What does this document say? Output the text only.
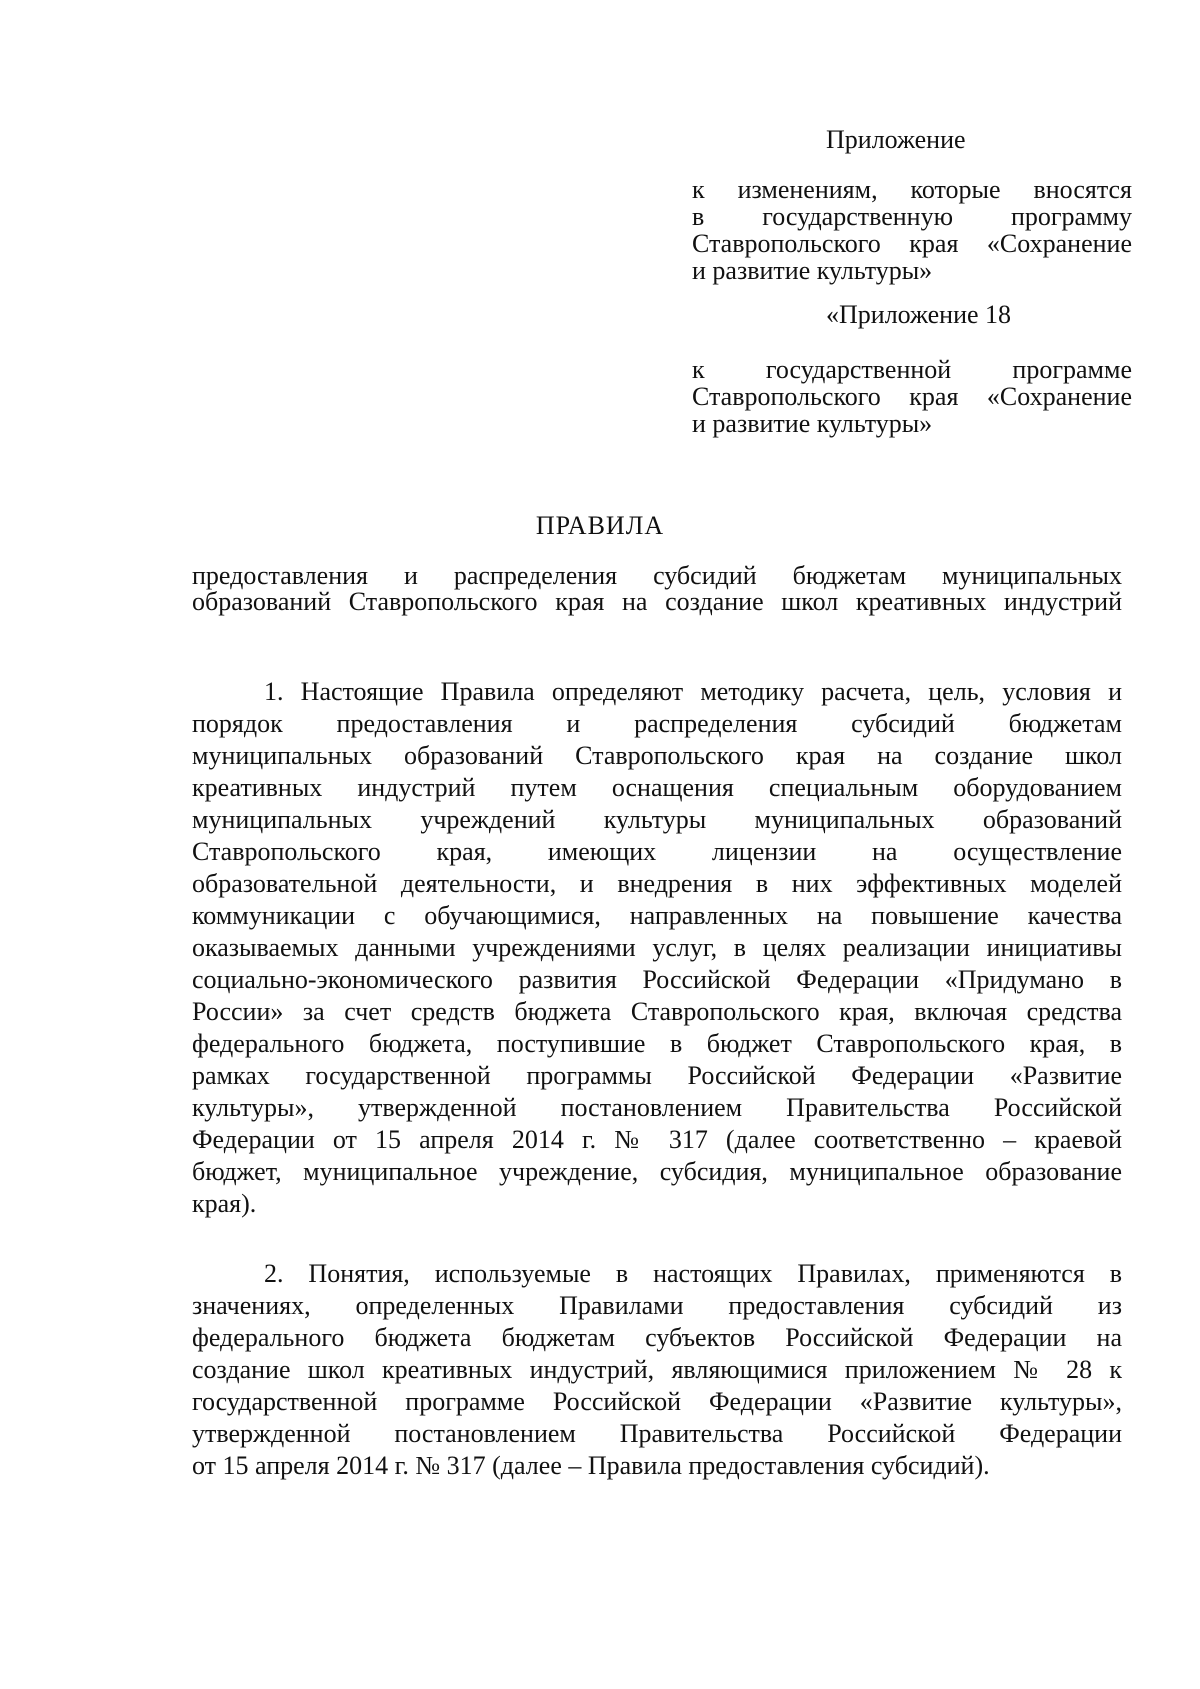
Приложение

к изменениям, которые вносятся
в государственную программу
Ставропольского края «Сохранение
и развитие культуры»

«Приложение 18

к государственной программе
Ставропольского края «Сохранение
и развитие культуры»
ПРАВИЛА
предоставления и распределения субсидий бюджетам муниципальных
образований Ставропольского края на создание школ креативных индустрий
1. Настоящие Правила определяют методику расчета, цель, условия и
порядок предоставления и распределения субсидий бюджетам
муниципальных образований Ставропольского края на создание школ
креативных индустрий путем оснащения специальным оборудованием
муниципальных учреждений культуры муниципальных образований
Ставропольского края, имеющих лицензии на осуществление
образовательной деятельности, и внедрения в них эффективных моделей
коммуникации с обучающимися, направленных на повышение качества
оказываемых данными учреждениями услуг, в целях реализации инициативы
социально-экономического развития Российской Федерации «Придумано в
России» за счет средств бюджета Ставропольского края, включая средства
федерального бюджета, поступившие в бюджет Ставропольского края, в
рамках государственной программы Российской Федерации «Развитие
культуры», утвержденной постановлением Правительства Российской
Федерации от 15 апреля 2014 г. № 317 (далее соответственно – краевой
бюджет, муниципальное учреждение, субсидия, муниципальное образование
края).
2. Понятия, используемые в настоящих Правилах, применяются в
значениях, определенных Правилами предоставления субсидий из
федерального бюджета бюджетам субъектов Российской Федерации на
создание школ креативных индустрий, являющимися приложением № 28 к
государственной программе Российской Федерации «Развитие культуры»,
утвержденной постановлением Правительства Российской Федерации
от 15 апреля 2014 г. № 317 (далее – Правила предоставления субсидий).
